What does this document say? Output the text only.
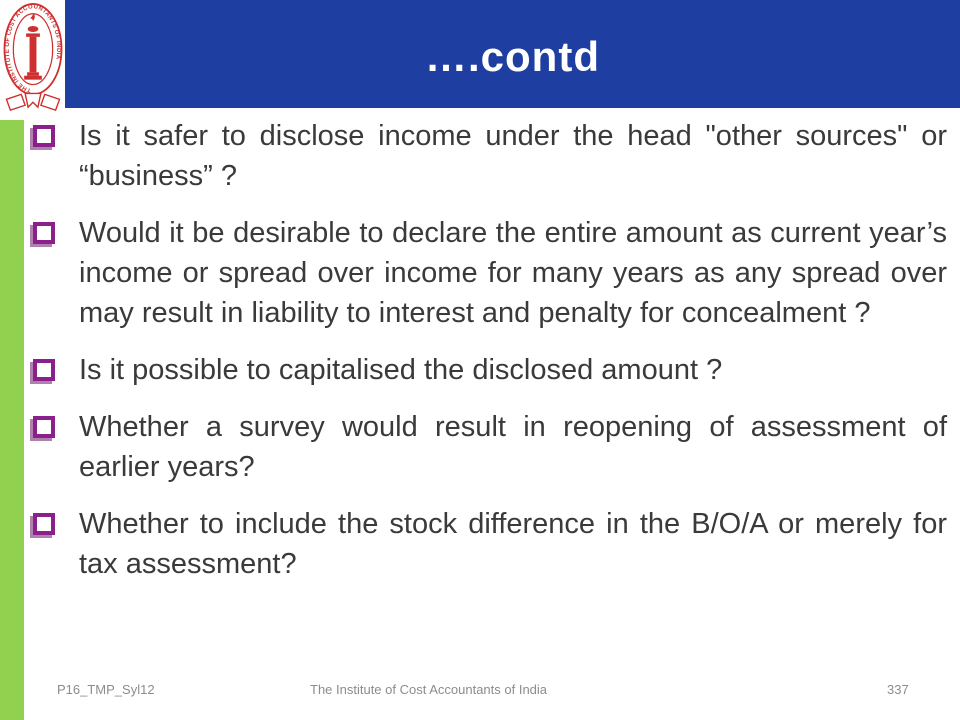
THE INSTITUTE OF COST ACCOUNTANTS OF INDIA	….contd
Is it safer to disclose income under the head "other sources" or “business” ?
Would it be desirable to declare the entire amount as current year’s income or spread over income for many years as any spread over may result in liability to interest and penalty for concealment ?
Is it possible to capitalised the disclosed amount ?
Whether a survey would result in reopening of assessment of earlier years?
Whether to include the stock difference in the B/O/A or merely for tax assessment?
P16_TMP_Syl12	The Institute of Cost Accountants of India	337
